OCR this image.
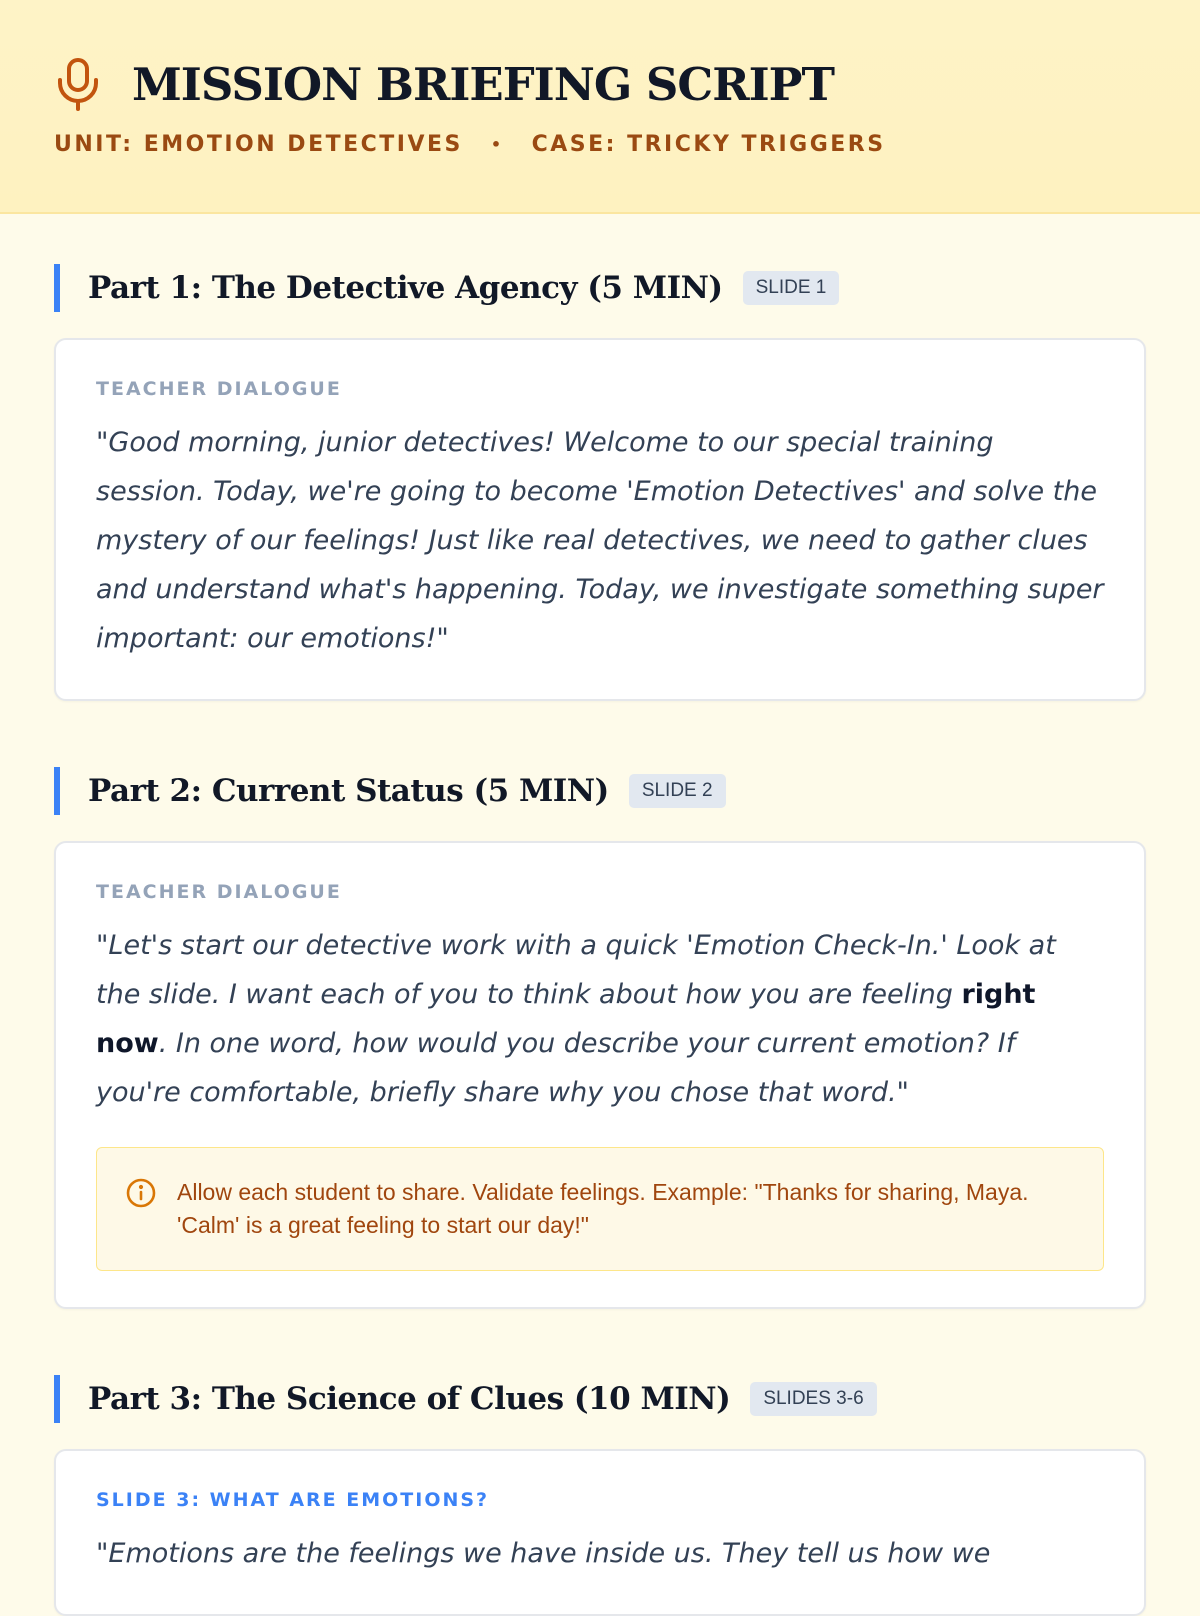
MISSION BRIEFING SCRIPT
UNIT: EMOTION DETECTIVES • CASE: TRICKY TRIGGERS
Part 1: The Detective Agency (5 MIN)	SLIDE 1
TEACHER DIALOGUE
"Good morning, junior detectives! Welcome to our special training session. Today, we're going to become 'Emotion Detectives' and solve the mystery of our feelings! Just like real detectives, we need to gather clues and understand what's happening. Today, we investigate something super important: our emotions!"
Part 2: Current Status (5 MIN)	SLIDE 2
TEACHER DIALOGUE
"Let's start our detective work with a quick 'Emotion Check-In.' Look at the slide. I want each of you to think about how you are feeling right now. In one word, how would you describe your current emotion? If you're comfortable, briefly share why you chose that word."
Allow each student to share. Validate feelings. Example: "Thanks for sharing, Maya. 'Calm' is a great feeling to start our day!"
Part 3: The Science of Clues (10 MIN)	SLIDES 3-6
SLIDE 3: WHAT ARE EMOTIONS?
"Emotions are the feelings we have inside us. They tell us how we
